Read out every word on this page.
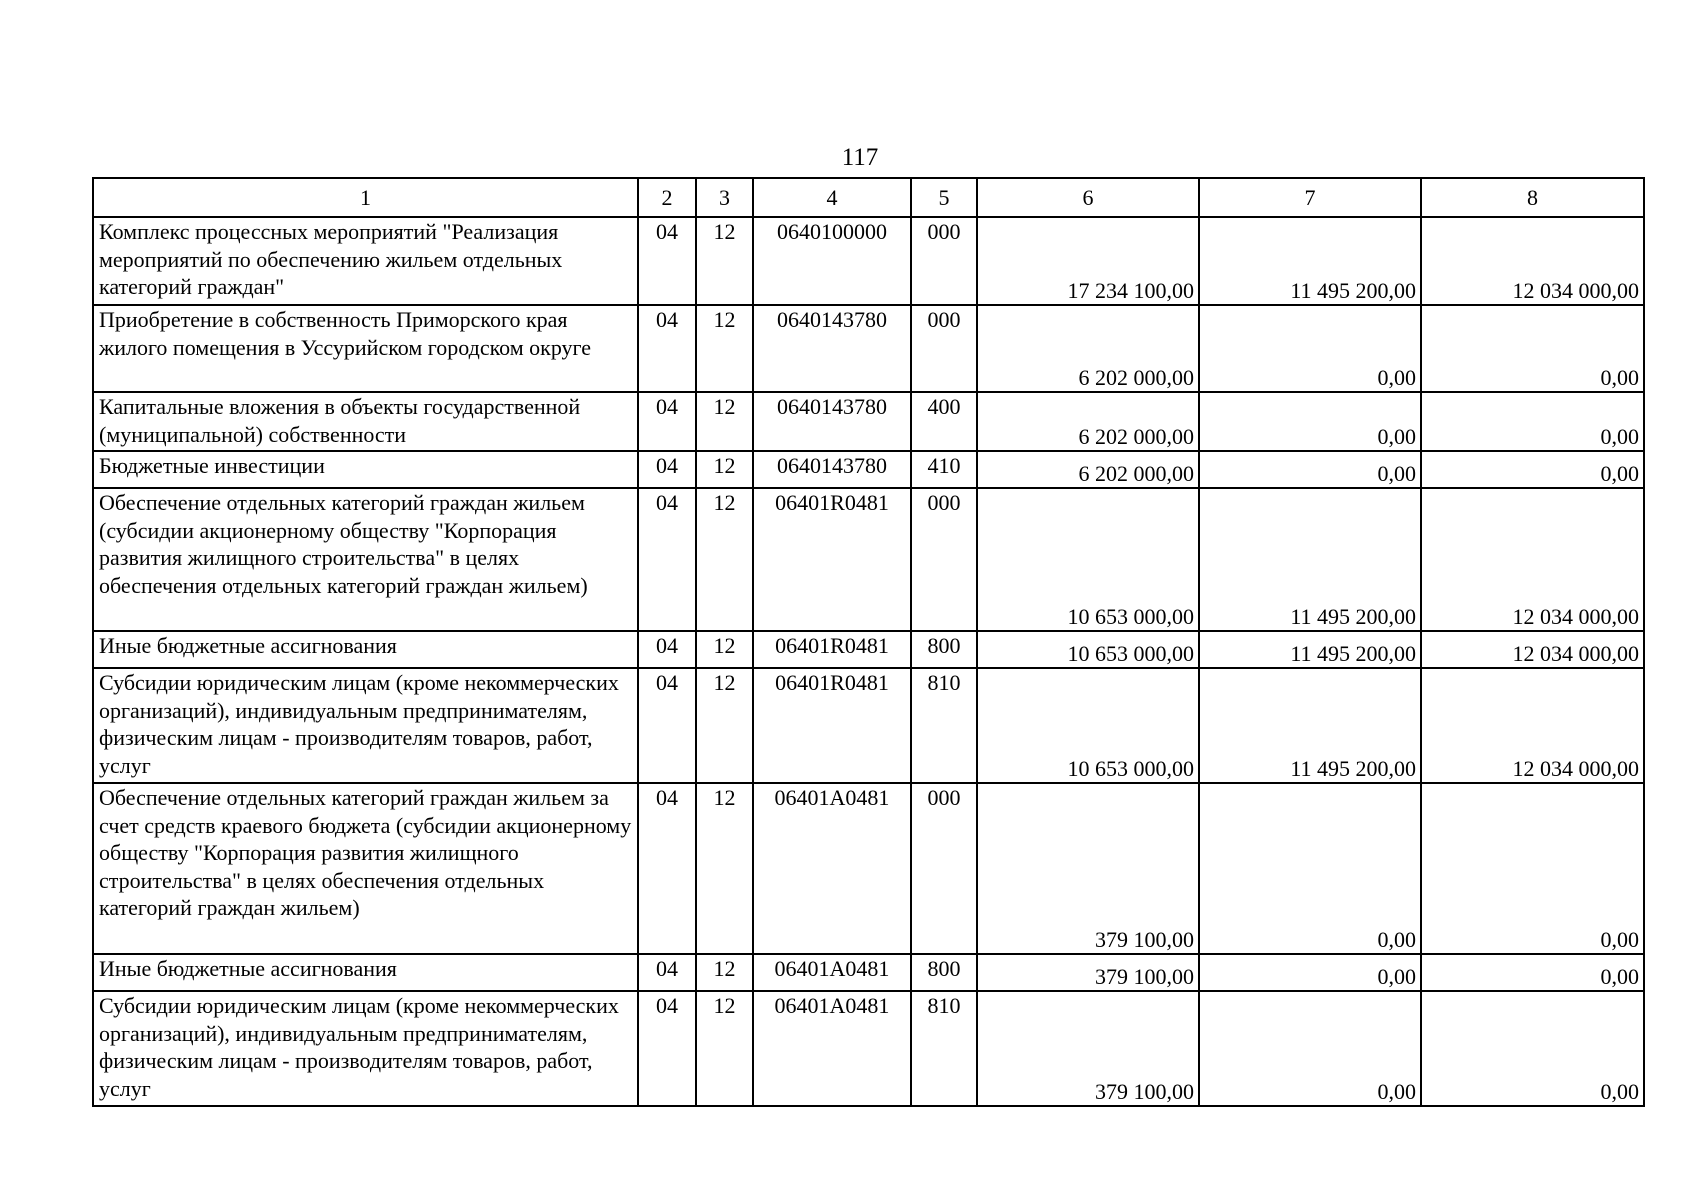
117
1	2	3	4	5	6	7	8
Комплекс процессных мероприятий "Реализация мероприятий по обеспечению жильем отдельных категорий граждан"	04	12	0640100000	000	17 234 100,00	11 495 200,00	12 034 000,00
Приобретение в собственность Приморского края жилого помещения в Уссурийском городском округе	04	12	0640143780	000	6 202 000,00	0,00	0,00
Капитальные вложения в объекты государственной (муниципальной) собственности	04	12	0640143780	400	6 202 000,00	0,00	0,00
Бюджетные инвестиции	04	12	0640143780	410	6 202 000,00	0,00	0,00
Обеспечение отдельных категорий граждан жильем (субсидии акционерному обществу "Корпорация развития жилищного строительства" в целях обеспечения отдельных категорий граждан жильем)	04	12	06401R0481	000	10 653 000,00	11 495 200,00	12 034 000,00
Иные бюджетные ассигнования	04	12	06401R0481	800	10 653 000,00	11 495 200,00	12 034 000,00
Субсидии юридическим лицам (кроме некоммерческих организаций), индивидуальным предпринимателям, физическим лицам - производителям товаров, работ, услуг	04	12	06401R0481	810	10 653 000,00	11 495 200,00	12 034 000,00
Обеспечение отдельных категорий граждан жильем за счет средств краевого бюджета (субсидии акционерному обществу "Корпорация развития жилищного строительства" в целях обеспечения отдельных категорий граждан жильем)	04	12	06401A0481	000	379 100,00	0,00	0,00
Иные бюджетные ассигнования	04	12	06401A0481	800	379 100,00	0,00	0,00
Субсидии юридическим лицам (кроме некоммерческих организаций), индивидуальным предпринимателям, физическим лицам - производителям товаров, работ, услуг	04	12	06401A0481	810	379 100,00	0,00	0,00
